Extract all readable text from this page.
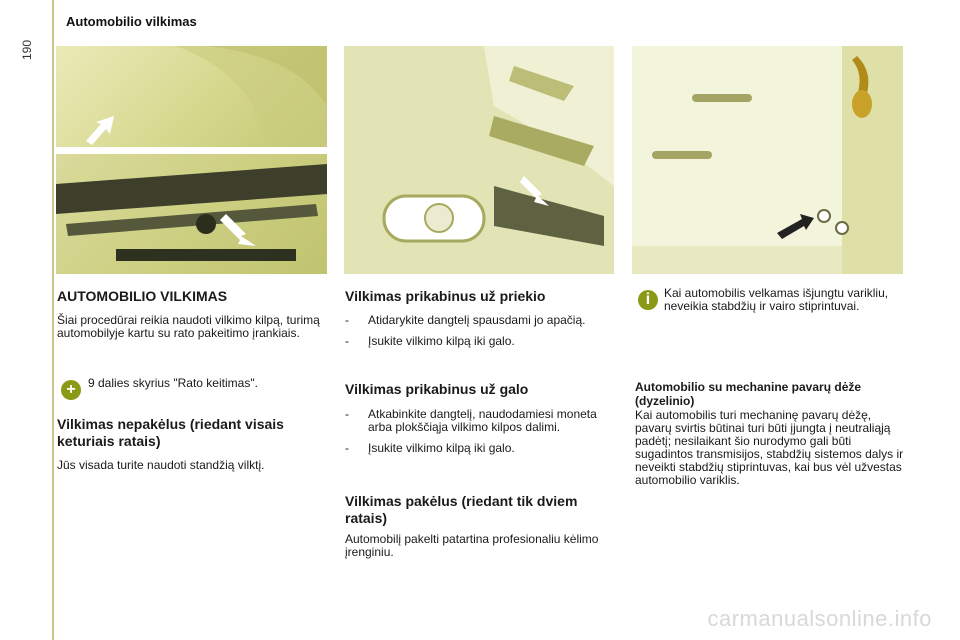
190
Automobilio vilkimas
AUTOMOBILIO VILKIMAS

Šiai procedūrai reikia naudoti vilkimo kilpą, turimą automobilyje kartu su rato pakeitimo įrankiais.

+	9 dalies skyrius "Rato keitimas".

Vilkimas nepakėlus (riedant visais keturiais ratais)

Jūs visada turite naudoti standžią vilktį.

Vilkimas prikabinus už priekio
- Atidarykite dangtelį spausdami jo apačią.
- Įsukite vilkimo kilpą iki galo.
Vilkimas prikabinus už galo
- Atkabinkite dangtelį, naudodamiesi moneta arba plokščiąja vilkimo kilpos dalimi.
- Įsukite vilkimo kilpą iki galo.
Vilkimas pakėlus (riedant tik dviem ratais)

Automobilį pakelti patartina profesionaliu kėlimo įrenginiu.

i	Kai automobilis velkamas išjungtu varikliu, neveikia stabdžių ir vairo stiprintuvai.

Automobilio su mechanine pavarų dėže (dyzelinio)

Kai automobilis turi mechaninę pavarų dėžę, pavarų svirtis būtinai turi būti įjungta į neutraliąją padėtį; nesilaikant šio nurodymo gali būti sugadintos transmisijos, stabdžių sistemos dalys ir neveikti stabdžių stiprintuvas, kai bus vėl užvestas automobilio variklis.

carmanualsonline.info
